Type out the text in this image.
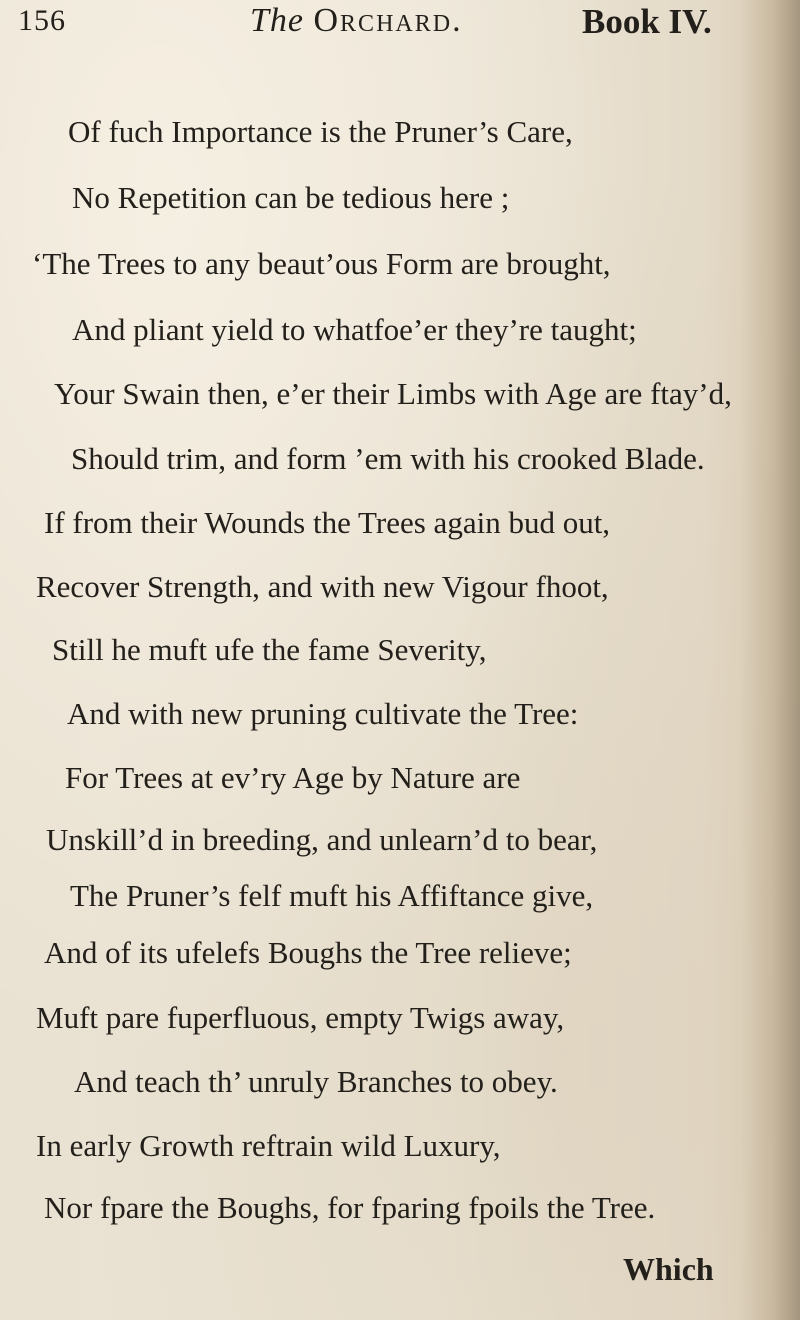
156	The Orchard.	Book IV.
Of fuch Importance is the Pruner’s Care,
No Repetition can be tedious here ;
‘The Trees to any beaut’ous Form are brought,
And pliant yield to whatfoe’er they’re taught;
Your Swain then, e’er their Limbs with Age are ftay’d,
Should trim, and form ’em with his crooked Blade.
If from their Wounds the Trees again bud out,
Recover Strength, and with new Vigour fhoot,
Still he muft ufe the fame Severity,
And with new pruning cultivate the Tree:
For Trees at ev’ry Age by Nature are
Unskill’d in breeding, and unlearn’d to bear,
The Pruner’s felf muft his Affiftance give,
And of its ufelefs Boughs the Tree relieve;
Muft pare fuperfluous, empty Twigs away,
And teach th’ unruly Branches to obey.
In early Growth reftrain wild Luxury,
Nor fpare the Boughs, for fparing fpoils the Tree.
Which
